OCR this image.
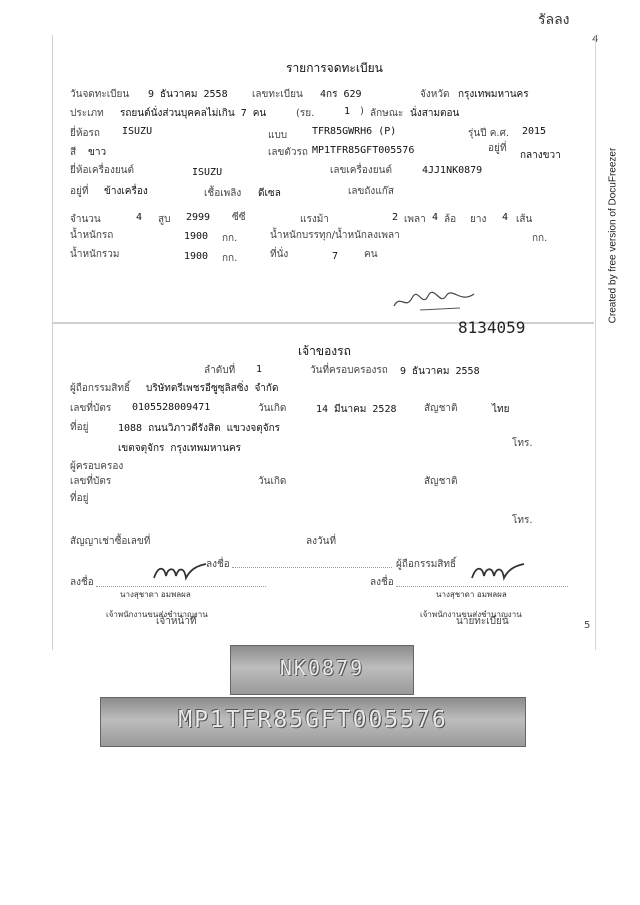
รัลลง
4
รายการจดทะเบียน
วันจดทะเบียน 9 ธันวาคม 2558 เลขทะเบียน 4กร 629	จังหวัด กรุงเทพมหานคร
ประเภท รถยนต์นั่งส่วนบุคคลไม่เกิน 7 คน	(รย.	1 ) ลักษณะ นั่งสามตอน
ยี่ห้อรถ ISUZU	แบบ TFR85GWRH6 (P)	รุ่นปี ค.ศ. 2015
สี ขาว	เลขตัวรถ MP1TFR85GFT005576	อยู่ที่
กลางขวา
ยี่ห้อเครื่องยนต์	ISUZU	เลขเครื่องยนต์	4JJ1NK0879
อยู่ที่ ข้างเครื่อง	เชื้อเพลิง ดีเซล	เลขถังแก๊ส
จำนวน	4 สูบ 2999 ซีซี	แรงม้า	2 เพลา 4 ล้อ ยาง 4 เส้น
น้ำหนักรถ	1900 กก.	น้ำหนักบรรทุก/น้ำหนักลงเพลา	กก.
น้ำหนักรวม	1900 กก.	ที่นั่ง	7	คน
8134059
เจ้าของรถ
ลำดับที่ 1	วันที่ครอบครองรถ 9 ธันวาคม 2558
ผู้ถือกรรมสิทธิ์ บริษัทตรีเพชรอีซูซุลิสซิ่ง จำกัด
เลขที่บัตร 0105528009471	วันเกิด	14 มีนาคม 2528	สัญชาติ	ไทย
ที่อยู่	1088 ถนนวิภาวดีรังสิต แขวงจตุจักร
เขตจตุจักร กรุงเทพมหานคร	โทร.
ผู้ครอบครอง
เลขที่บัตร	วันเกิด	สัญชาติ
ที่อยู่
โทร.
สัญญาเช่าซื้อเลขที่	ลงวันที่
ลงชื่อ	ผู้ถือกรรมสิทธิ์
ลงชื่อ	ลงชื่อ
นางสุชาดา อมพลผล
เจ้าพนักงานขนส่งชำนาญงาน
เจ้าหน้าที่
นางสุชาดา อมพลผล
เจ้าพนักงานขนส่งชำนาญงาน
นายทะเบียน	5
Created by free version of DocuFreezer
NK0879
MP1TFR85GFT005576
